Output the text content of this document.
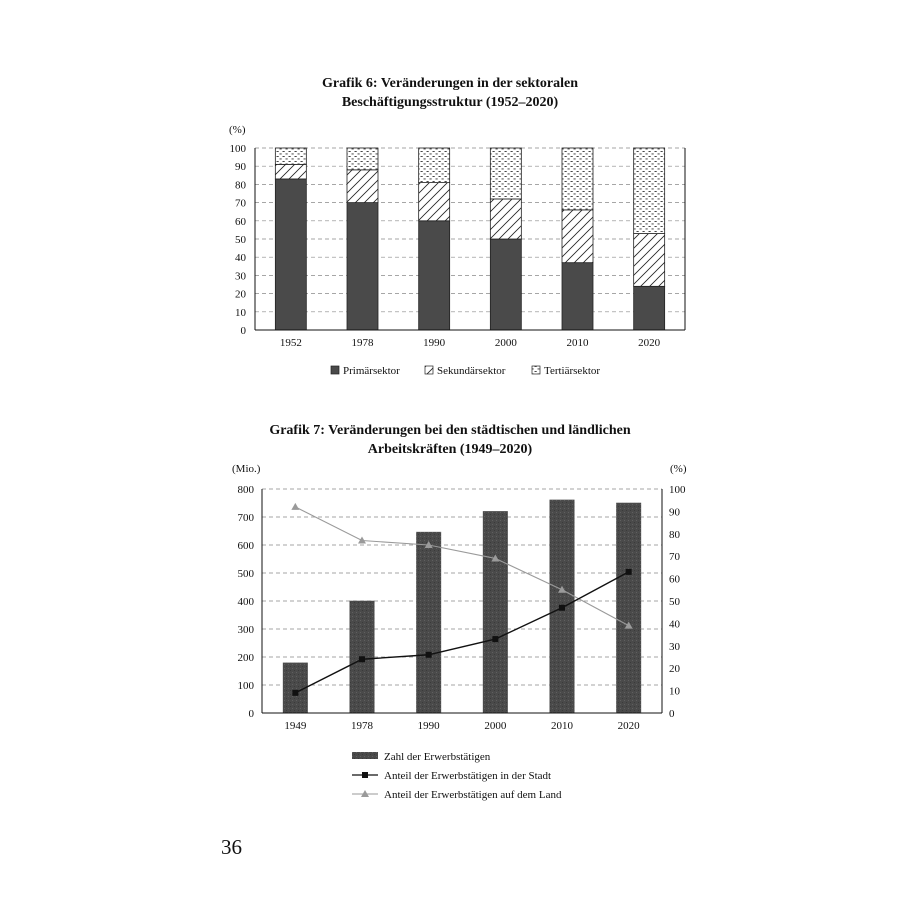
Grafik 6: Veränderungen in der sektoralen
Beschäftigungsstruktur (1952–2020)
(%)
0
10
20
30
40
50
60
70
80
90
100
1952	1978	1990	2000	2010	2020
Primärsektor	Sekundärsektor	Tertiärsektor
Grafik 7: Veränderungen bei den städtischen und ländlichen
Arbeitskräften (1949–2020)
(Mio.)	(%)
0
100
200
300
400
500
600
700
800
0
10
20
30
40
50
60
70
80
90
100
1949	1978	1990	2000	2010	2020
Zahl der Erwerbstätigen
Anteil der Erwerbstätigen in der Stadt
Anteil der Erwerbstätigen auf dem Land
36
